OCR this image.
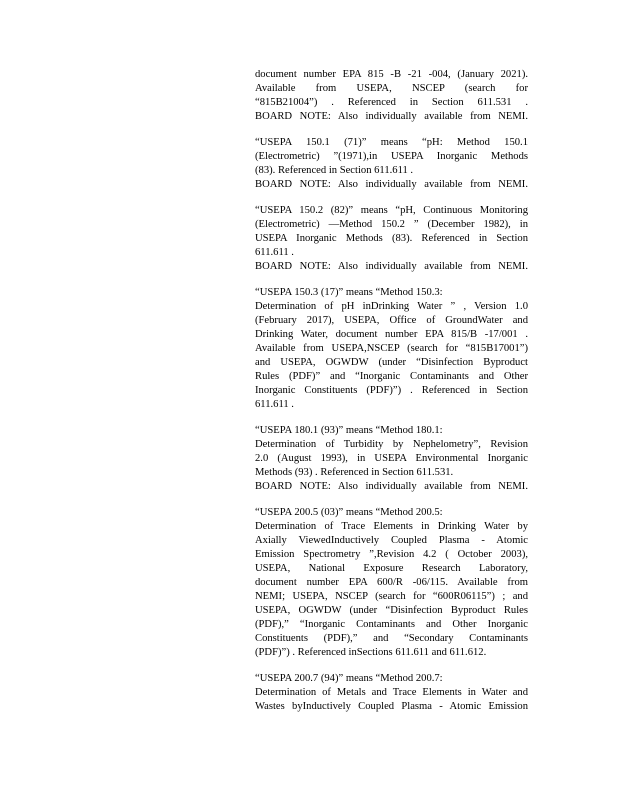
document number EPA 815 -B -21 -004, (January 2021).
Available from USEPA, NSCEP (search for
“815B21004”) . Referenced in Section 611.531 .
BOARD NOTE: Also individually available from NEMI.
“USEPA 150.1 (71)” means “pH: Method 150.1
(Electrometric) ”(1971),in USEPA Inorganic Methods
(83). Referenced in Section 611.611 .
BOARD NOTE: Also individually available from NEMI.
“USEPA 150.2 (82)” means “pH, Continuous Monitoring
(Electrometric) —Method 150.2 ” (December 1982), in
USEPA Inorganic Methods (83). Referenced in Section
611.611 .
BOARD NOTE: Also individually available from NEMI.
“USEPA 150.3 (17)” means “Method 150.3:
Determination of pH inDrinking Water ” , Version 1.0
(February 2017), USEPA, Office of GroundWater and
Drinking Water, document number EPA 815/B -17/001 .
Available from USEPA,NSCEP (search for “815B17001”)
and USEPA, OGWDW (under “Disinfection Byproduct
Rules (PDF)” and “Inorganic Contaminants and Other
Inorganic Constituents (PDF)”) . Referenced in Section
611.611 .
“USEPA 180.1 (93)” means “Method 180.1:
Determination of Turbidity by Nephelometry”, Revision
2.0 (August 1993), in USEPA Environmental Inorganic
Methods (93) . Referenced in Section 611.531.
BOARD NOTE: Also individually available from NEMI.
“USEPA 200.5 (03)” means “Method 200.5:
Determination of Trace Elements in Drinking Water by
Axially ViewedInductively Coupled Plasma - Atomic
Emission Spectrometry ”,Revision 4.2 ( October 2003),
USEPA, National Exposure Research Laboratory,
document number EPA 600/R -06/115. Available from
NEMI; USEPA, NSCEP (search for “600R06115”) ; and
USEPA, OGWDW (under “Disinfection Byproduct Rules
(PDF),” “Inorganic Contaminants and Other Inorganic
Constituents (PDF),” and “Secondary Contaminants
(PDF)”) . Referenced inSections 611.611 and 611.612.
“USEPA 200.7 (94)” means “Method 200.7:
Determination of Metals and Trace Elements in Water and
Wastes byInductively Coupled Plasma - Atomic Emission
